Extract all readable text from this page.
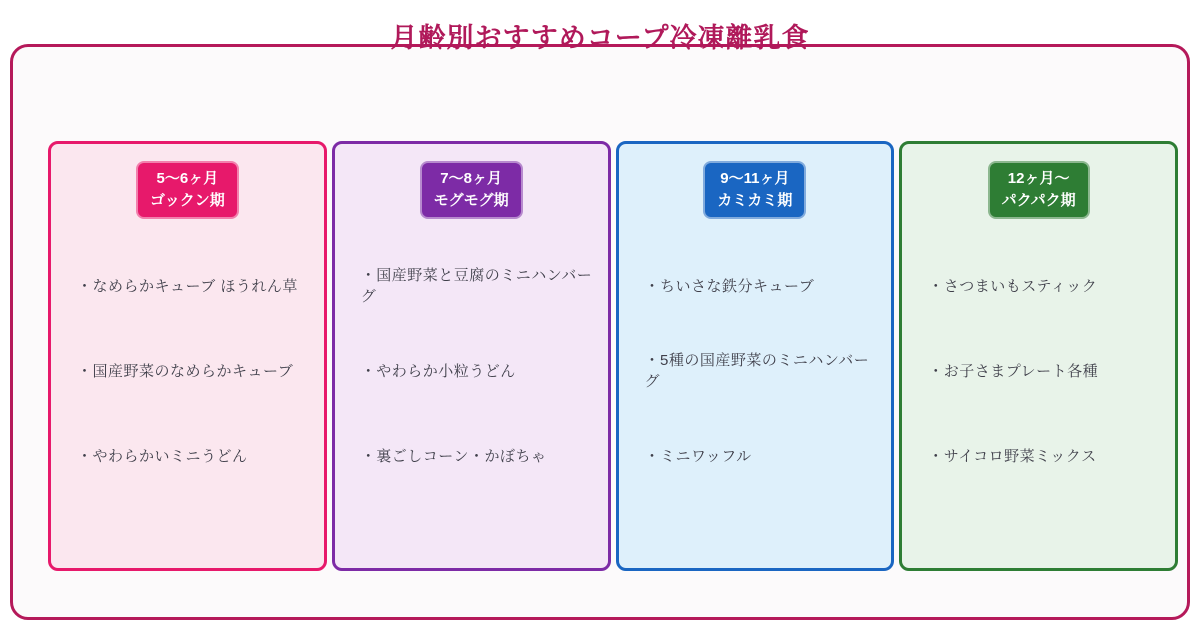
月齢別おすすめコープ冷凍離乳食
5〜6ヶ月
ゴックン期
・なめらかキューブ ほうれん草
・国産野菜のなめらかキューブ
・やわらかいミニうどん
7〜8ヶ月
モグモグ期
・国産野菜と豆腐のミニハンバーグ
・やわらか小粒うどん
・裏ごしコーン・かぼちゃ
9〜11ヶ月
カミカミ期
・ちいさな鉄分キューブ
・5種の国産野菜のミニハンバーグ
・ミニワッフル
12ヶ月〜
パクパク期
・さつまいもスティック
・お子さまプレート各種
・サイコロ野菜ミックス
